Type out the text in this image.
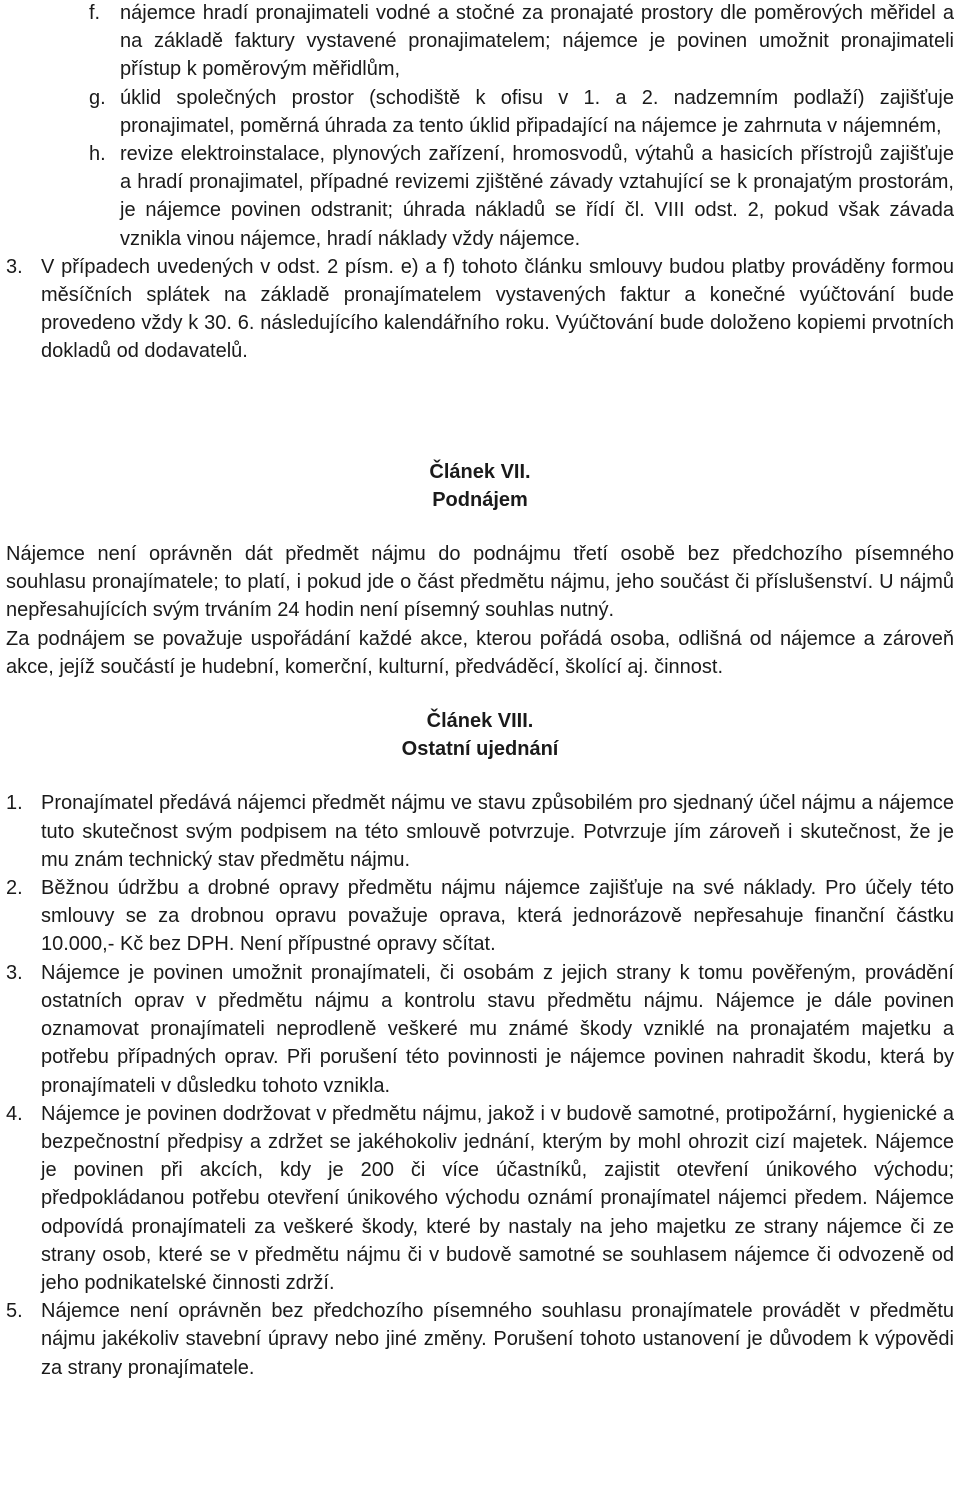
f. nájemce hradí pronajimateli vodné a stočné za pronajaté prostory dle poměrových měřidel a na základě faktury vystavené pronajimatelem; nájemce je povinen umožnit pronajimateli přístup k poměrovým měřidlům,
g. úklid společných prostor (schodiště k ofisu v 1. a 2. nadzemním podlaží) zajišťuje pronajimatel, poměrná úhrada za tento úklid připadající na nájemce je zahrnuta v nájemném,
h. revize elektroinstalace, plynových zařízení, hromosvodů, výtahů a hasicích přístrojů zajišťuje a hradí pronajimatel, případné revizemi zjištěné závady vztahující se k pronajatým prostorám, je nájemce povinen odstranit; úhrada nákladů se řídí čl. VIII odst. 2, pokud však závada vznikla vinou nájemce, hradí náklady vždy nájemce.
3. V případech uvedených v odst. 2 písm. e) a f) tohoto článku smlouvy budou platby prováděny formou měsíčních splátek na základě pronajímatelem vystavených faktur a konečné vyúčtování bude provedeno vždy k 30. 6. následujícího kalendářního roku. Vyúčtování bude doloženo kopiemi prvotních dokladů od dodavatelů.
Článek VII.
Podnájem
Nájemce není oprávněn dát předmět nájmu do podnájmu třetí osobě bez předchozího písemného souhlasu pronajímatele; to platí, i pokud jde o část předmětu nájmu, jeho součást či příslušenství. U nájmů nepřesahujících svým trváním 24 hodin není písemný souhlas nutný.
Za podnájem se považuje uspořádání každé akce, kterou pořádá osoba, odlišná od nájemce a zároveň akce, jejíž součástí je hudební, komerční, kulturní, předváděcí, školící aj. činnost.
Článek VIII.
Ostatní ujednání
1. Pronajímatel předává nájemci předmět nájmu ve stavu způsobilém pro sjednaný účel nájmu a nájemce tuto skutečnost svým podpisem na této smlouvě potvrzuje. Potvrzuje jím zároveň i skutečnost, že je mu znám technický stav předmětu nájmu.
2. Běžnou údržbu a drobné opravy předmětu nájmu nájemce zajišťuje na své náklady. Pro účely této smlouvy se za drobnou opravu považuje oprava, která jednorázově nepřesahuje finanční částku 10.000,- Kč bez DPH. Není přípustné opravy sčítat.
3. Nájemce je povinen umožnit pronajímateli, či osobám z jejich strany k tomu pověřeným, provádění ostatních oprav v předmětu nájmu a kontrolu stavu předmětu nájmu. Nájemce je dále povinen oznamovat pronajímateli neprodleně veškeré mu známé škody vzniklé na pronajatém majetku a potřebu případných oprav. Při porušení této povinnosti je nájemce povinen nahradit škodu, která by pronajímateli v důsledku tohoto vznikla.
4. Nájemce je povinen dodržovat v předmětu nájmu, jakož i v budově samotné, protipožární, hygienické a bezpečnostní předpisy a zdržet se jakéhokoliv jednání, kterým by mohl ohrozit cizí majetek. Nájemce je povinen při akcích, kdy je 200 či více účastníků, zajistit otevření únikového východu; předpokládanou potřebu otevření únikového východu oznámí pronajímatel nájemci předem. Nájemce odpovídá pronajímateli za veškeré škody, které by nastaly na jeho majetku ze strany nájemce či ze strany osob, které se v předmětu nájmu či v budově samotné se souhlasem nájemce či odvozeně od jeho podnikatelské činnosti zdrží.
5. Nájemce není oprávněn bez předchozího písemného souhlasu pronajímatele provádět v předmětu nájmu jakékoliv stavební úpravy nebo jiné změny. Porušení tohoto ustanovení je důvodem k výpovědi za strany pronajímatele.
